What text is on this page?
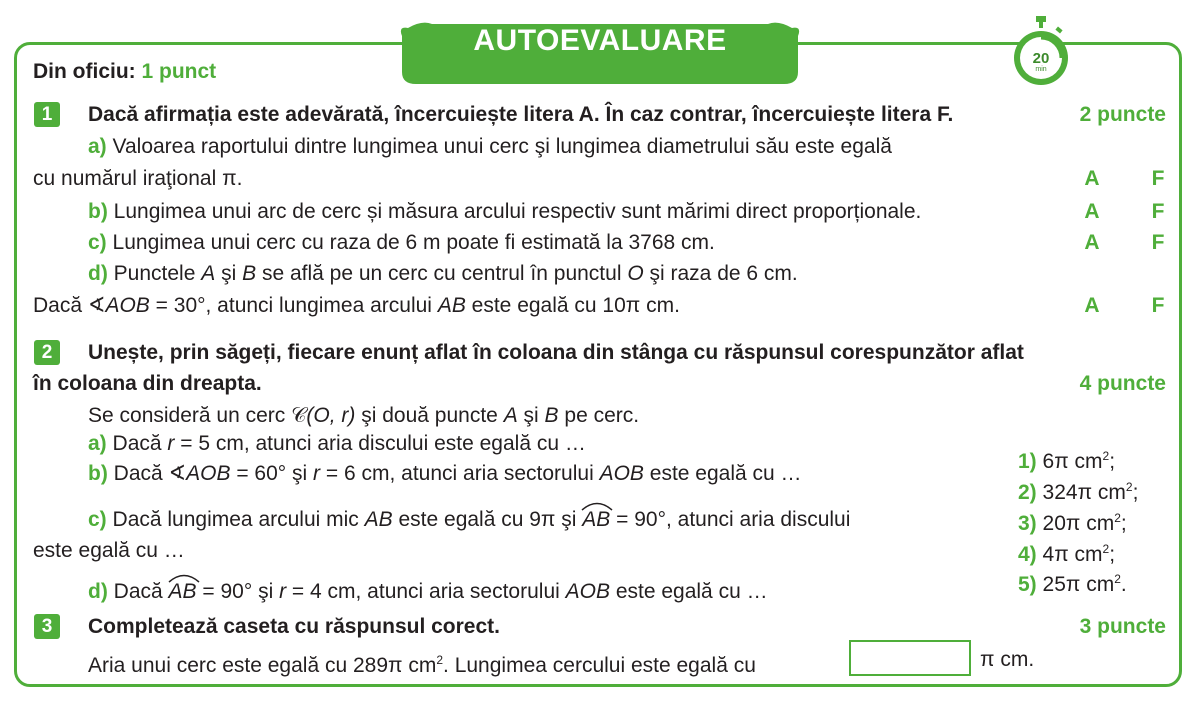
AUTOEVALUARE
20
min
Din oficiu: 1 punct
1	Dacă afirmația este adevărată, încercuiește litera A. În caz contrar, încercuiește litera F.	2 puncte
a) Valoarea raportului dintre lungimea unui cerc şi lungimea diametrului său este egală
cu numărul iraţional π.	A F
b) Lungimea unui arc de cerc și măsura arcului respectiv sunt mărimi direct proporționale.	A F
c) Lungimea unui cerc cu raza de 6 m poate fi estimată la 3768 cm.	A F
d) Punctele A şi B se află pe un cerc cu centrul în punctul O şi raza de 6 cm.
Dacă ∢AOB = 30°, atunci lungimea arcului AB este egală cu 10π cm.	A F
2	Unește, prin săgeți, fiecare enunț aflat în coloana din stânga cu răspunsul corespunzător aflat
în coloana din dreapta.	4 puncte
Se consideră un cerc 𝒞(O, r) şi două puncte A şi B pe cerc.
a) Dacă r = 5 cm, atunci aria discului este egală cu …
b) Dacă ∢AOB = 60° şi r = 6 cm, atunci aria sectorului AOB este egală cu …
c) Dacă lungimea arcului mic AB este egală cu 9π şi
AB = 90°, atunci aria discului
este egală cu …
d) Dacă
AB = 90° şi r = 4 cm, atunci aria sectorului AOB este egală cu …
1) 6π $cm^2$;
2) 324π $cm^2$;
3) 20π $cm^2$;
4) 4π $cm^2$;
5) 25π $cm^2$.
3	Completează caseta cu răspunsul corect.	3 puncte
Aria unui cerc este egală cu 289π $cm^2$. Lungimea cercului este egală cu	π cm.
